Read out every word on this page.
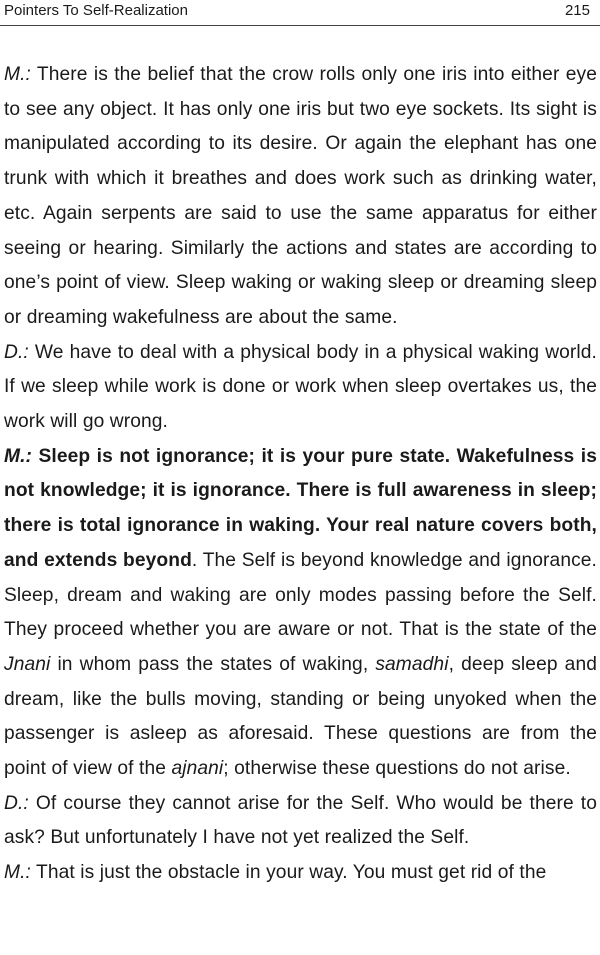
Pointers To Self-Realization	215

M.: There is the belief that the crow rolls only one iris into either eye to see any object. It has only one iris but two eye sockets. Its sight is manipulated according to its desire. Or again the elephant has one trunk with which it breathes and does work such as drinking water, etc. Again serpents are said to use the same apparatus for either seeing or hearing. Similarly the actions and states are according to one’s point of view. Sleep waking or waking sleep or dreaming sleep or dreaming wakefulness are about the same.

D.: We have to deal with a physical body in a physical waking world. If we sleep while work is done or work when sleep overtakes us, the work will go wrong.

M.: Sleep is not ignorance; it is your pure state. Wakefulness is not knowledge; it is ignorance. There is full awareness in sleep; there is total ignorance in waking. Your real nature covers both, and extends beyond. The Self is beyond knowledge and ignorance. Sleep, dream and waking are only modes passing before the Self. They proceed whether you are aware or not. That is the state of the Jnani in whom pass the states of waking, samadhi, deep sleep and dream, like the bulls moving, standing or being unyoked when the passenger is asleep as aforesaid. These questions are from the point of view of the ajnani; otherwise these questions do not arise.

D.: Of course they cannot arise for the Self. Who would be there to ask? But unfortunately I have not yet realized the Self.

M.: That is just the obstacle in your way. You must get rid of the
